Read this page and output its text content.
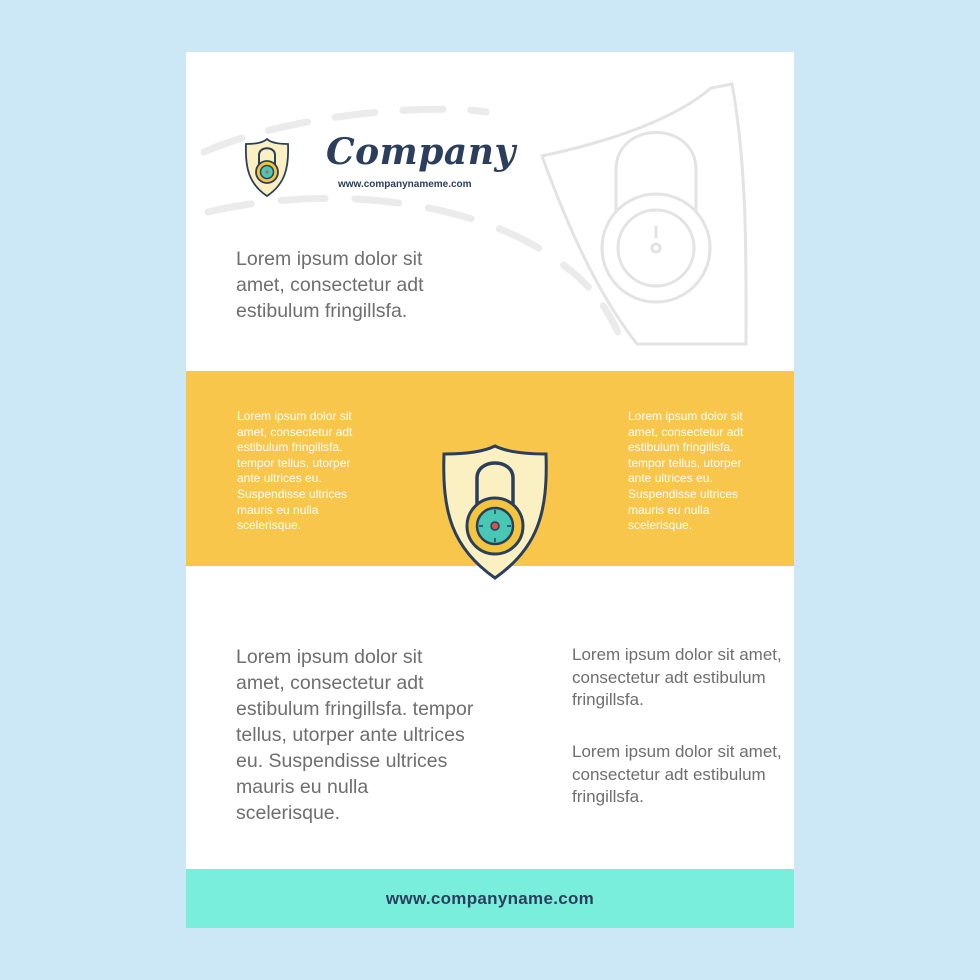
Company
www.companynameme.com

Lorem ipsum dolor sit amet, consectetur adt estibulum fringillsfa.

Lorem ipsum dolor sit amet, consectetur adt estibulum fringillsfa. tempor tellus, utorper ante ultrices eu. Suspendisse ultrices mauris eu nulla scelerisque.

Lorem ipsum dolor sit amet, consectetur adt estibulum fringillsfa. tempor tellus, utorper ante ultrices eu. Suspendisse ultrices mauris eu nulla scelerisque.

Lorem ipsum dolor sit amet, consectetur adt estibulum fringillsfa. tempor tellus, utorper ante ultrices eu. Suspendisse ultrices mauris eu nulla scelerisque.

Lorem ipsum dolor sit amet, consectetur adt estibulum fringillsfa.

Lorem ipsum dolor sit amet, consectetur adt estibulum fringillsfa.

www.companyname.com
